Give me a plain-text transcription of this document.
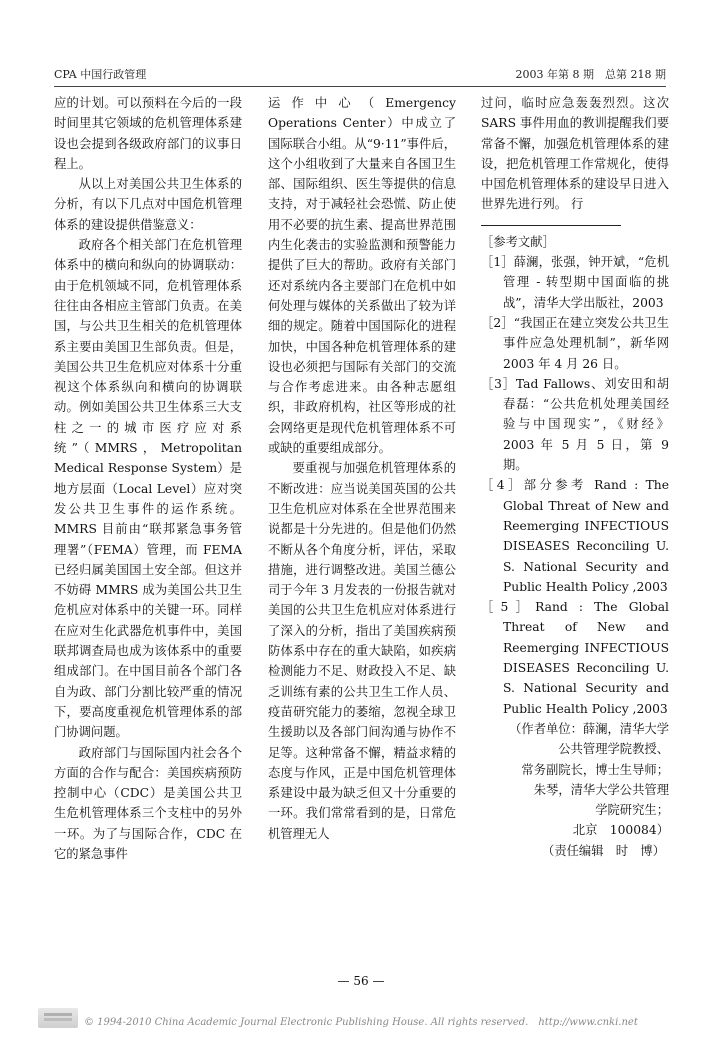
CPA 中国行政管理	2003 年第 8 期　总第 218 期

应的计划。可以预料在今后的一段时间里其它领域的危机管理体系建设也会提到各级政府部门的议事日程上。

从以上对美国公共卫生体系的分析，有以下几点对中国危机管理体系的建设提供借鉴意义：

政府各个相关部门在危机管理体系中的横向和纵向的协调联动：由于危机领域不同，危机管理体系往往由各相应主管部门负责。在美国，与公共卫生相关的危机管理体系主要由美国卫生部负责。但是，美国公共卫生危机应对体系十分重视这个体系纵向和横向的协调联动。例如美国公共卫生体系三大支柱之一的城市医疗应对系统”（MMRS，Metropolitan Medical Response System）是地方层面（Local Level）应对突发公共卫生事件的运作系统。MMRS 目前由“联邦紧急事务管理署”（FEMA）管理，而 FEMA 已经归属美国国土安全部。但这并不妨碍 MMRS 成为美国公共卫生危机应对体系中的关键一环。同样在应对生化武器危机事件中，美国联邦调查局也成为该体系中的重要组成部门。在中国目前各个部门各自为政、部门分割比较严重的情况下，要高度重视危机管理体系的部门协调问题。

政府部门与国际国内社会各个方面的合作与配合：美国疾病预防控制中心（CDC）是美国公共卫生危机管理体系三个支柱中的另外一环。为了与国际合作，CDC 在它的紧急事件

运作中心（Emergency Operations Center）中成立了国际联合小组。从“9·11”事件后，这个小组收到了大量来自各国卫生部、国际组织、医生等提供的信息支持，对于减轻社会恐慌、防止使用不必要的抗生素、提高世界范围内生化袭击的实验监测和预警能力提供了巨大的帮助。政府有关部门还对系统内各主要部门在危机中如何处理与媒体的关系做出了较为详细的规定。随着中国国际化的进程加快，中国各种危机管理体系的建设也必须把与国际有关部门的交流与合作考虑进来。由各种志愿组织，非政府机构，社区等形成的社会网络更是现代危机管理体系不可或缺的重要组成部分。

要重视与加强危机管理体系的不断改进：应当说美国英国的公共卫生危机应对体系在全世界范围来说都是十分先进的。但是他们仍然不断从各个角度分析，评估，采取措施，进行调整改进。美国兰德公司于今年 3 月发表的一份报告就对美国的公共卫生危机应对体系进行了深入的分析，指出了美国疾病预防体系中存在的重大缺陷，如疾病检测能力不足、财政投入不足、缺乏训练有素的公共卫生工作人员、疫苗研究能力的萎缩，忽视全球卫生援助以及各部门间沟通与协作不足等。这种常备不懈，精益求精的态度与作风，正是中国危机管理体系建设中最为缺乏但又十分重要的一环。我们常常看到的是，日常危机管理无人

过问，临时应急轰轰烈烈。这次 SARS 事件用血的教训提醒我们要常备不懈，加强危机管理体系的建设，把危机管理工作常规化，使得中国危机管理体系的建设早日进入世界先进行列。 行

［参考文献］

［1］薛澜，张强，钟开斌，“危机管理 - 转型期中国面临的挑战”，清华大学出版社，2003

［2］“我国正在建立突发公共卫生事件应急处理机制”，新华网 2003 年 4 月 26 日。

［3］Tad Fallows、刘安田和胡春磊：“公共危机处理美国经验与中国现实”，《财经》2003 年 5 月 5 日，第 9 期。

［4］部分参考 Rand : The Global Threat of New and Reemerging INFECTIOUS DISEASES Reconciling U. S. National Security and Public Health Policy ,2003

［5］Rand : The Global Threat of New and Reemerging INFECTIOUS DISEASES Reconciling U. S. National Security and Public Health Policy ,2003

（作者单位：薛澜，清华大学
公共管理学院教授、
常务副院长，博士生导师；
朱琴，清华大学公共管理
学院研究生；
北京　100084）

（责任编辑　时　博）

— 56 —
© 1994-2010 China Academic Journal Electronic Publishing House. All rights reserved.　http://www.cnki.net
